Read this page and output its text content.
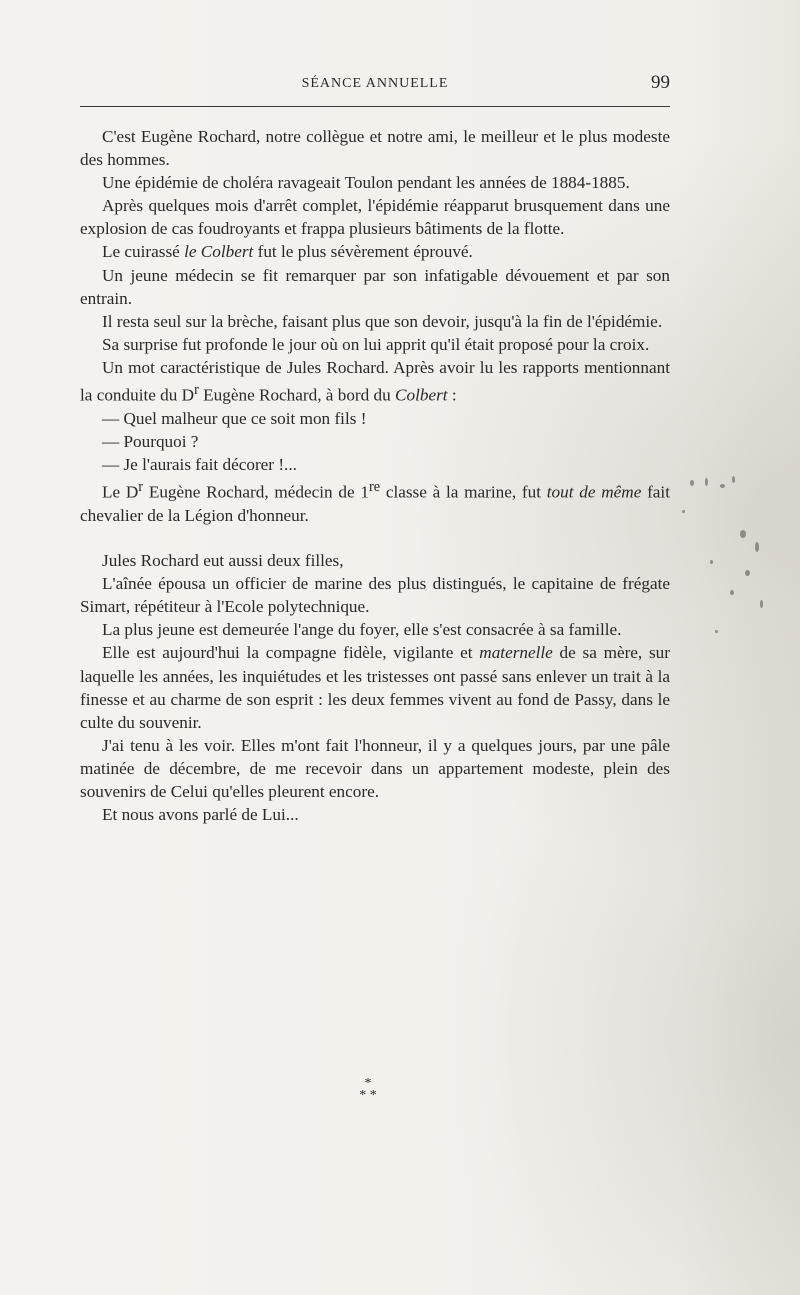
SÉANCE ANNUELLE	99

C'est Eugène Rochard, notre collègue et notre ami, le meilleur et le plus modeste des hommes.

Une épidémie de choléra ravageait Toulon pendant les années de 1884-1885.

Après quelques mois d'arrêt complet, l'épidémie réapparut brusquement dans une explosion de cas foudroyants et frappa plusieurs bâtiments de la flotte.

Le cuirassé le Colbert fut le plus sévèrement éprouvé.

Un jeune médecin se fit remarquer par son infatigable dévouement et par son entrain.

Il resta seul sur la brèche, faisant plus que son devoir, jusqu'à la fin de l'épidémie.

Sa surprise fut profonde le jour où on lui apprit qu'il était proposé pour la croix.

Un mot caractéristique de Jules Rochard. Après avoir lu les rapports mentionnant la conduite du $D^r$ Eugène Rochard, à bord du Colbert :

— Quel malheur que ce soit mon fils !

— Pourquoi ?

— Je l'aurais fait décorer !...

Le $D^r$ Eugène Rochard, médecin de 1re classe à la marine, fut tout de même fait chevalier de la Légion d'honneur.

Jules Rochard eut aussi deux filles,

L'aînée épousa un officier de marine des plus distingués, le capitaine de frégate Simart, répétiteur à l'Ecole polytechnique.

La plus jeune est demeurée l'ange du foyer, elle s'est consacrée à sa famille.

Elle est aujourd'hui la compagne fidèle, vigilante et maternelle de sa mère, sur laquelle les années, les inquiétudes et les tristesses ont passé sans enlever un trait à la finesse et au charme de son esprit : les deux femmes vivent au fond de Passy, dans le culte du souvenir.

J'ai tenu à les voir. Elles m'ont fait l'honneur, il y a quelques jours, par une pâle matinée de décembre, de me recevoir dans un appartement modeste, plein des souvenirs de Celui qu'elles pleurent encore.

Et nous avons parlé de Lui...

*
* *
